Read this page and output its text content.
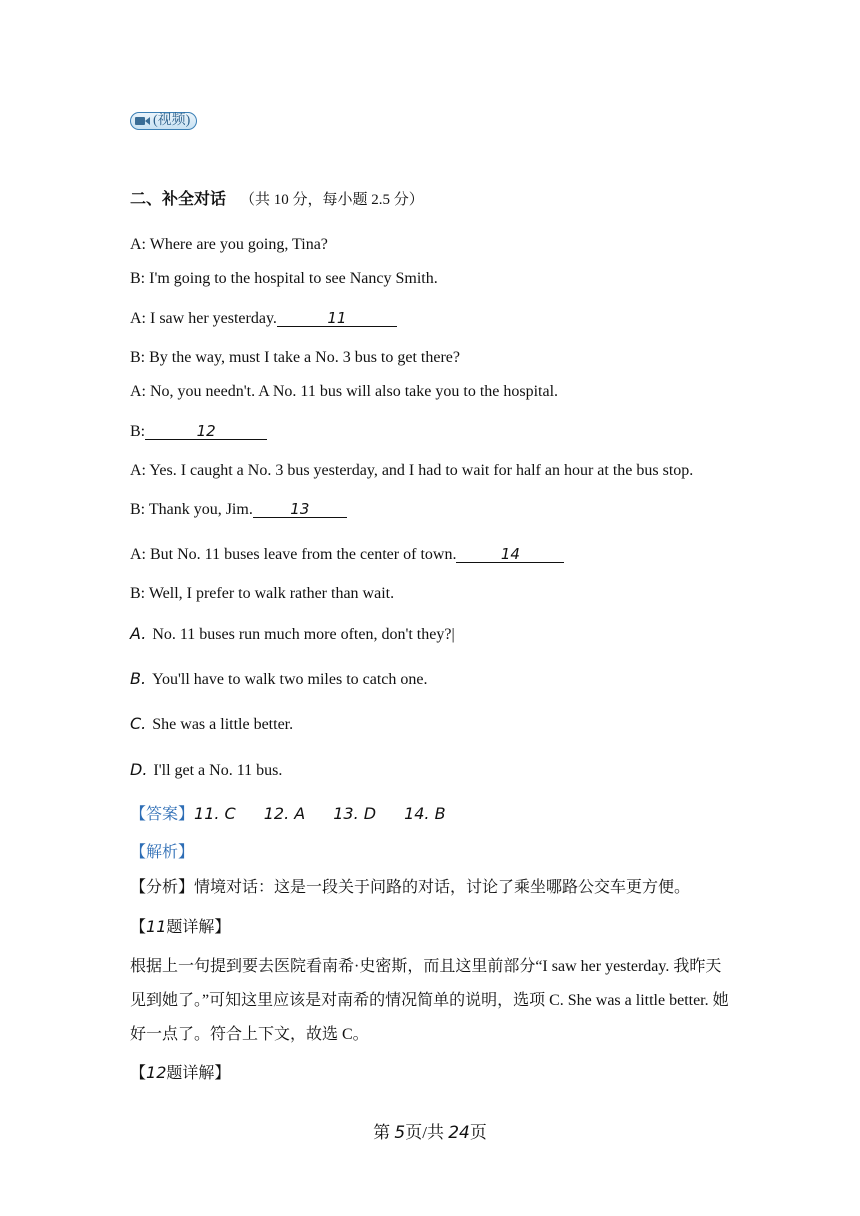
(视频)
二、补全对话 （共 10 分，每小题 2.5 分）
A: Where are you going, Tina?
B: I'm going to the hospital to see Nancy Smith.
A: I saw her yesterday.	11
B: By the way, must I take a No. 3 bus to get there?
A: No, you needn't. A No. 11 bus will also take you to the hospital.
B:	12
A: Yes. I caught a No. 3 bus yesterday, and I had to wait for half an hour at the bus stop.
B: Thank you, Jim. 13
A: But No. 11 buses leave from the center of town.	14
B: Well, I prefer to walk rather than wait.
A. No. 11 buses run much more often, don't they?|
B. You'll have to walk two miles to catch one.
C. She was a little better.
D. I'll get a No. 11 bus.
【答案】11. C 12. A 13. D 14. B
【解析】
【分析】情境对话：这是一段关于问路的对话，讨论了乘坐哪路公交车更方便。
【11题详解】
根据上一句提到要去医院看南希·史密斯，而且这里前部分“I saw her yesterday. 我昨天见到她了。”可知这里应该是对南希的情况简单的说明，选项 C. She was a little better. 她好一点了。符合上下文，故选 C。
【12题详解】
第 5页/共 24页
